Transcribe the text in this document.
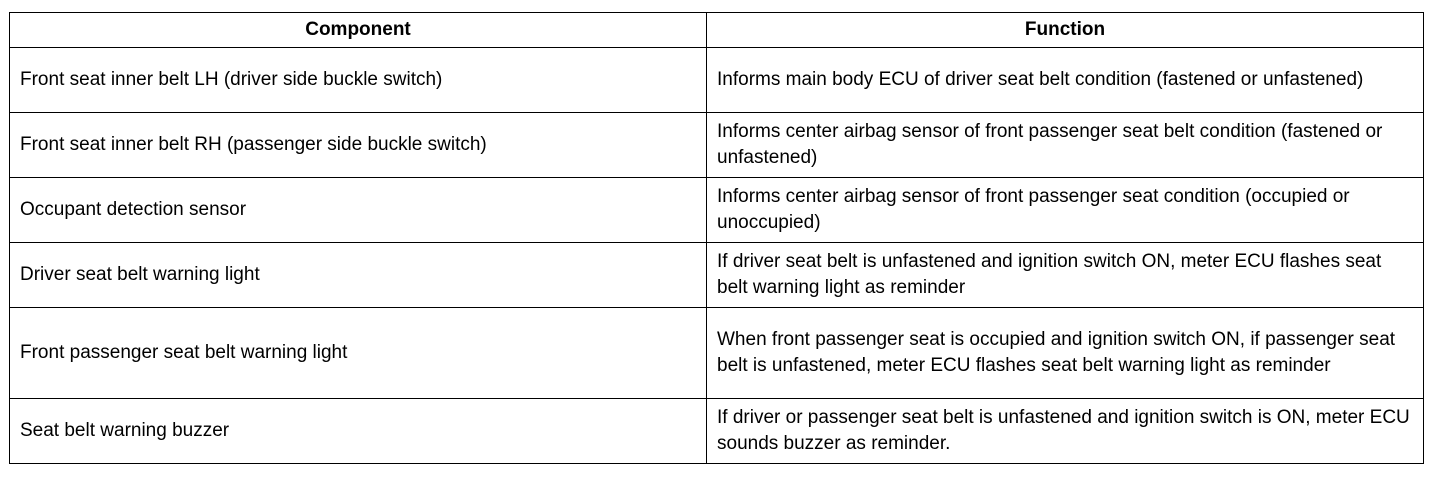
Component	Function
Front seat inner belt LH (driver side buckle switch)	Informs main body ECU of driver seat belt condition (fastened or unfastened)
Front seat inner belt RH (passenger side buckle switch)	Informs center airbag sensor of front passenger seat belt condition (fastened or unfastened)
Occupant detection sensor	Informs center airbag sensor of front passenger seat condition (occupied or unoccupied)
Driver seat belt warning light	If driver seat belt is unfastened and ignition switch ON, meter ECU flashes seat belt warning light as reminder
Front passenger seat belt warning light	When front passenger seat is occupied and ignition switch ON, if passenger seat belt is unfastened, meter ECU flashes seat belt warning light as reminder
Seat belt warning buzzer	If driver or passenger seat belt is unfastened and ignition switch is ON, meter ECU sounds buzzer as reminder.
